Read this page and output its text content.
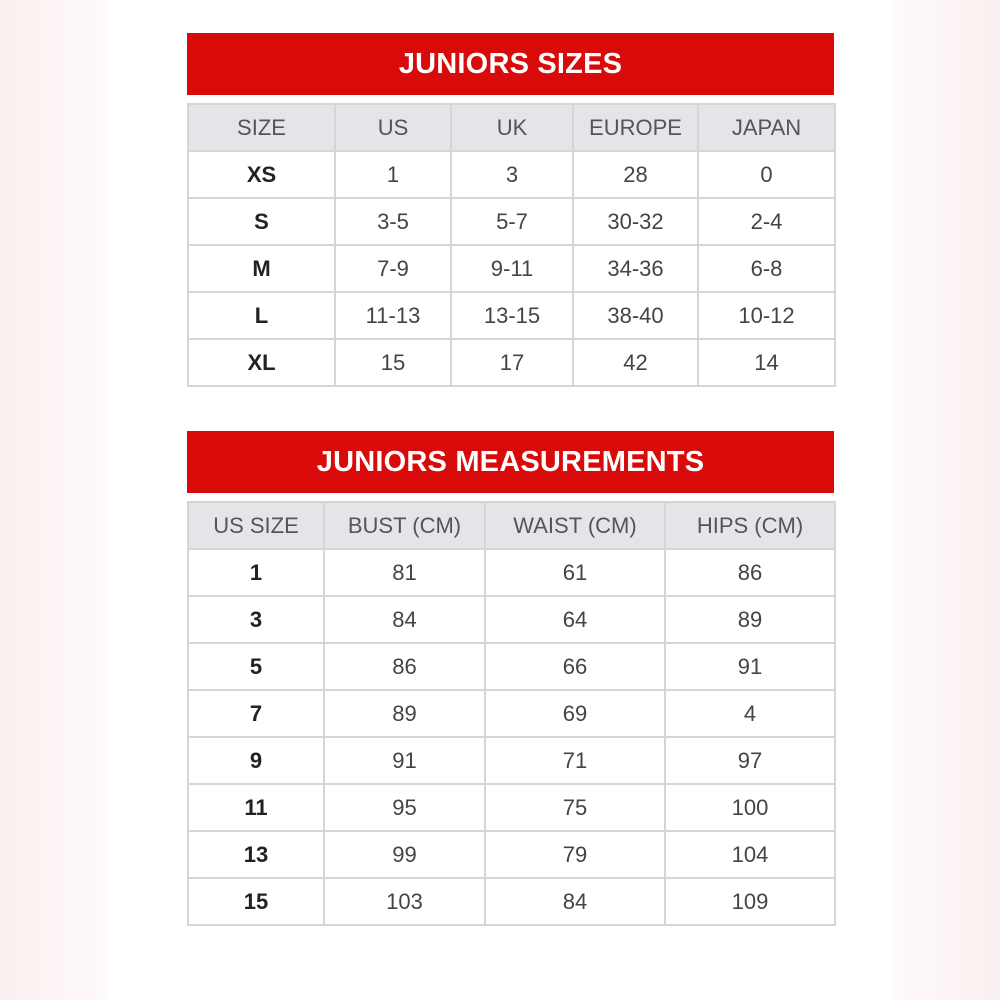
JUNIORS SIZES
SIZE	US	UK	EUROPE	JAPAN
XS	1	3	28	0
S	3-5	5-7	30-32	2-4
M	7-9	9-11	34-36	6-8
L	11-13	13-15	38-40	10-12
XL	15	17	42	14
JUNIORS MEASUREMENTS
US SIZE	BUST (CM)	WAIST (CM)	HIPS (CM)
1	81	61	86
3	84	64	89
5	86	66	91
7	89	69	4
9	91	71	97
11	95	75	100
13	99	79	104
15	103	84	109
